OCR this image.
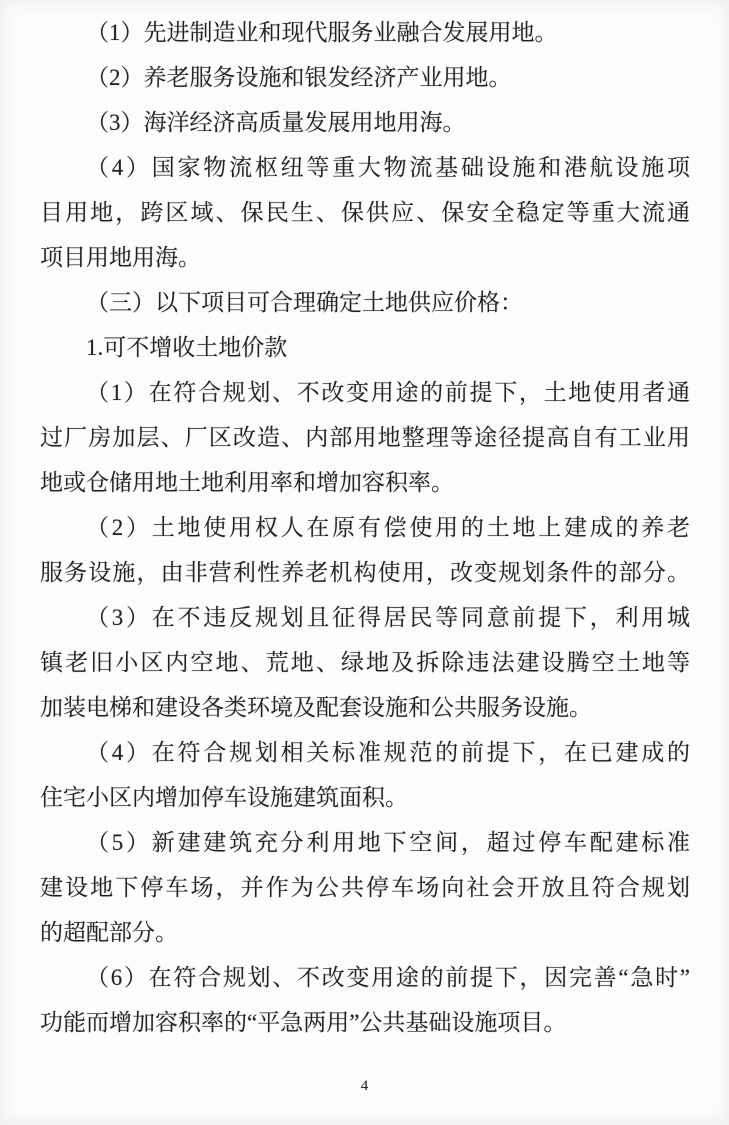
（1）先进制造业和现代服务业融合发展用地。
（2）养老服务设施和银发经济产业用地。
（3）海洋经济高质量发展用地用海。
（4）国家物流枢纽等重大物流基础设施和港航设施项
目用地，跨区域、保民生、保供应、保安全稳定等重大流通
项目用地用海。
（三）以下项目可合理确定土地供应价格：
1.可不增收土地价款
（1）在符合规划、不改变用途的前提下，土地使用者通
过厂房加层、厂区改造、内部用地整理等途径提高自有工业用
地或仓储用地土地利用率和增加容积率。
（2）土地使用权人在原有偿使用的土地上建成的养老
服务设施，由非营利性养老机构使用，改变规划条件的部分。
（3）在不违反规划且征得居民等同意前提下，利用城
镇老旧小区内空地、荒地、绿地及拆除违法建设腾空土地等
加装电梯和建设各类环境及配套设施和公共服务设施。
（4）在符合规划相关标准规范的前提下，在已建成的
住宅小区内增加停车设施建筑面积。
（5）新建建筑充分利用地下空间，超过停车配建标准
建设地下停车场，并作为公共停车场向社会开放且符合规划
的超配部分。
（6）在符合规划、不改变用途的前提下，因完善“急时”
功能而增加容积率的“平急两用”公共基础设施项目。
4
